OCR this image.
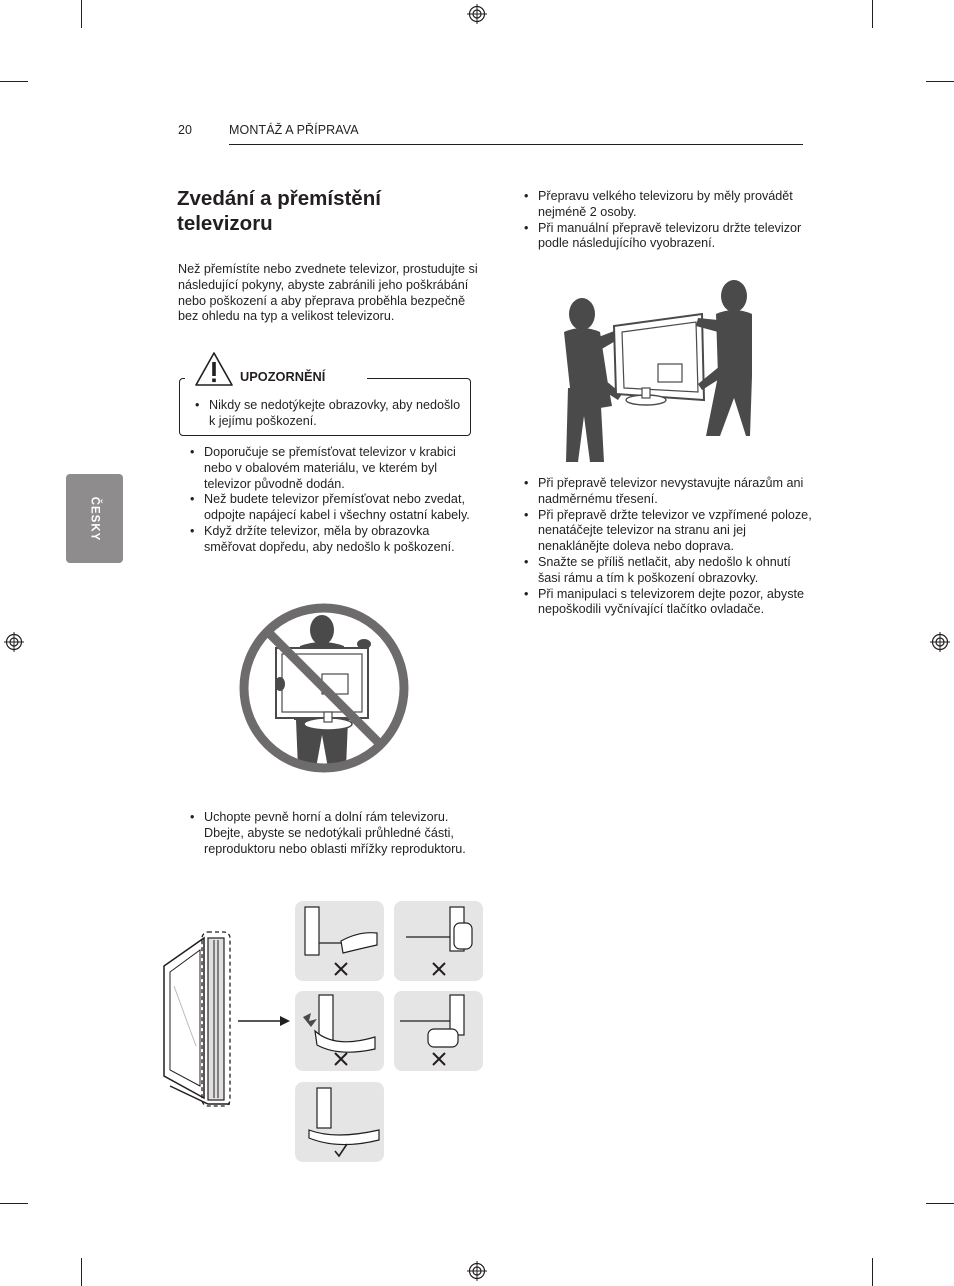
20	MONTÁŽ A PŘÍPRAVA
ČESKY
Zvedání a přemístění televizoru
Než přemístíte nebo zvednete televizor, prostudujte si následující pokyny, abyste zabránili jeho poškrábání nebo poškození a aby přeprava proběhla bezpečně bez ohledu na typ a velikost televizoru.
UPOZORNĚNÍ
• Nikdy se nedotýkejte obrazovky, aby nedošlo k jejímu poškození.
• Doporučuje se přemísťovat televizor v krabici nebo v obalovém materiálu, ve kterém byl televizor původně dodán.
• Než budete televizor přemísťovat nebo zvedat, odpojte napájecí kabel i všechny ostatní kabely.
• Když držíte televizor, měla by obrazovka směřovat dopředu, aby nedošlo k poškození.
• Uchopte pevně horní a dolní rám televizoru. Dbejte, abyste se nedotýkali průhledné části, reproduktoru nebo oblasti mřížky reproduktoru.
• Přepravu velkého televizoru by měly provádět nejméně 2 osoby.
• Při manuální přepravě televizoru držte televizor podle následujícího vyobrazení.
• Při přepravě televizor nevystavujte nárazům ani nadměrnému třesení.
• Při přepravě držte televizor ve vzpřímené poloze, nenatáčejte televizor na stranu ani jej nenaklánějte doleva nebo doprava.
• Snažte se příliš netlačit, aby nedošlo k ohnutí šasi rámu a tím k poškození obrazovky.
• Při manipulaci s televizorem dejte pozor, abyste nepoškodili vyčnívající tlačítko ovladače.
